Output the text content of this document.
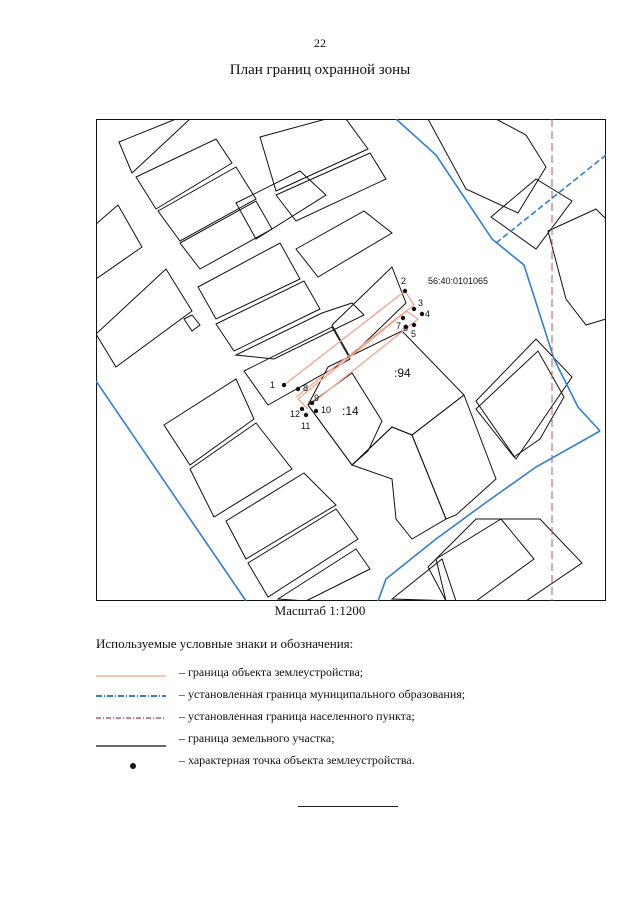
22
План границ охранной зоны
56:40:0101065
:94
:14
1
2
3
4
5
6
7
8
9
10
11
12
Масштаб 1:1200
Используемые условные знаки и обозначения:
– граница объекта землеустройства;
– установленная граница муниципального образования;
– установленная граница населенного пункта;
– граница земельного участка;
– характерная точка объекта землеустройства.
